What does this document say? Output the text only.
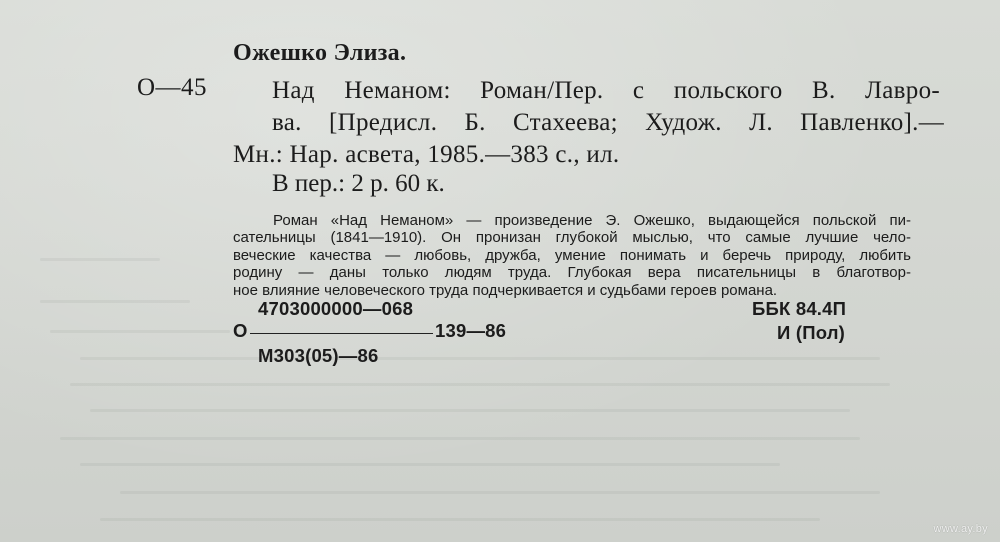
Ожешко Элиза.
О—45	Над Неманом: Роман/Пер. с польского В. Лавро-
ва. [Предисл. Б. Стахеева; Худож. Л. Павленко].—
Мн.: Нар. асвета, 1985.—383 с., ил.
В пер.: 2 р. 60 к.
Роман «Над Неманом» — произведение Э. Ожешко, выдающейся польской пи-
сательницы (1841—1910). Он пронизан глубокой мыслью, что самые лучшие чело-
веческие качества — любовь, дружба, умение понимать и беречь природу, любить
родину — даны только людям труда. Глубокая вера писательницы в благотвор-
ное влияние человеческого труда подчеркивается и судьбами героев романа.
4703000000—068
О	139—86
М303(05)—86
ББК 84.4П
И (Пол)
www.ay.by
